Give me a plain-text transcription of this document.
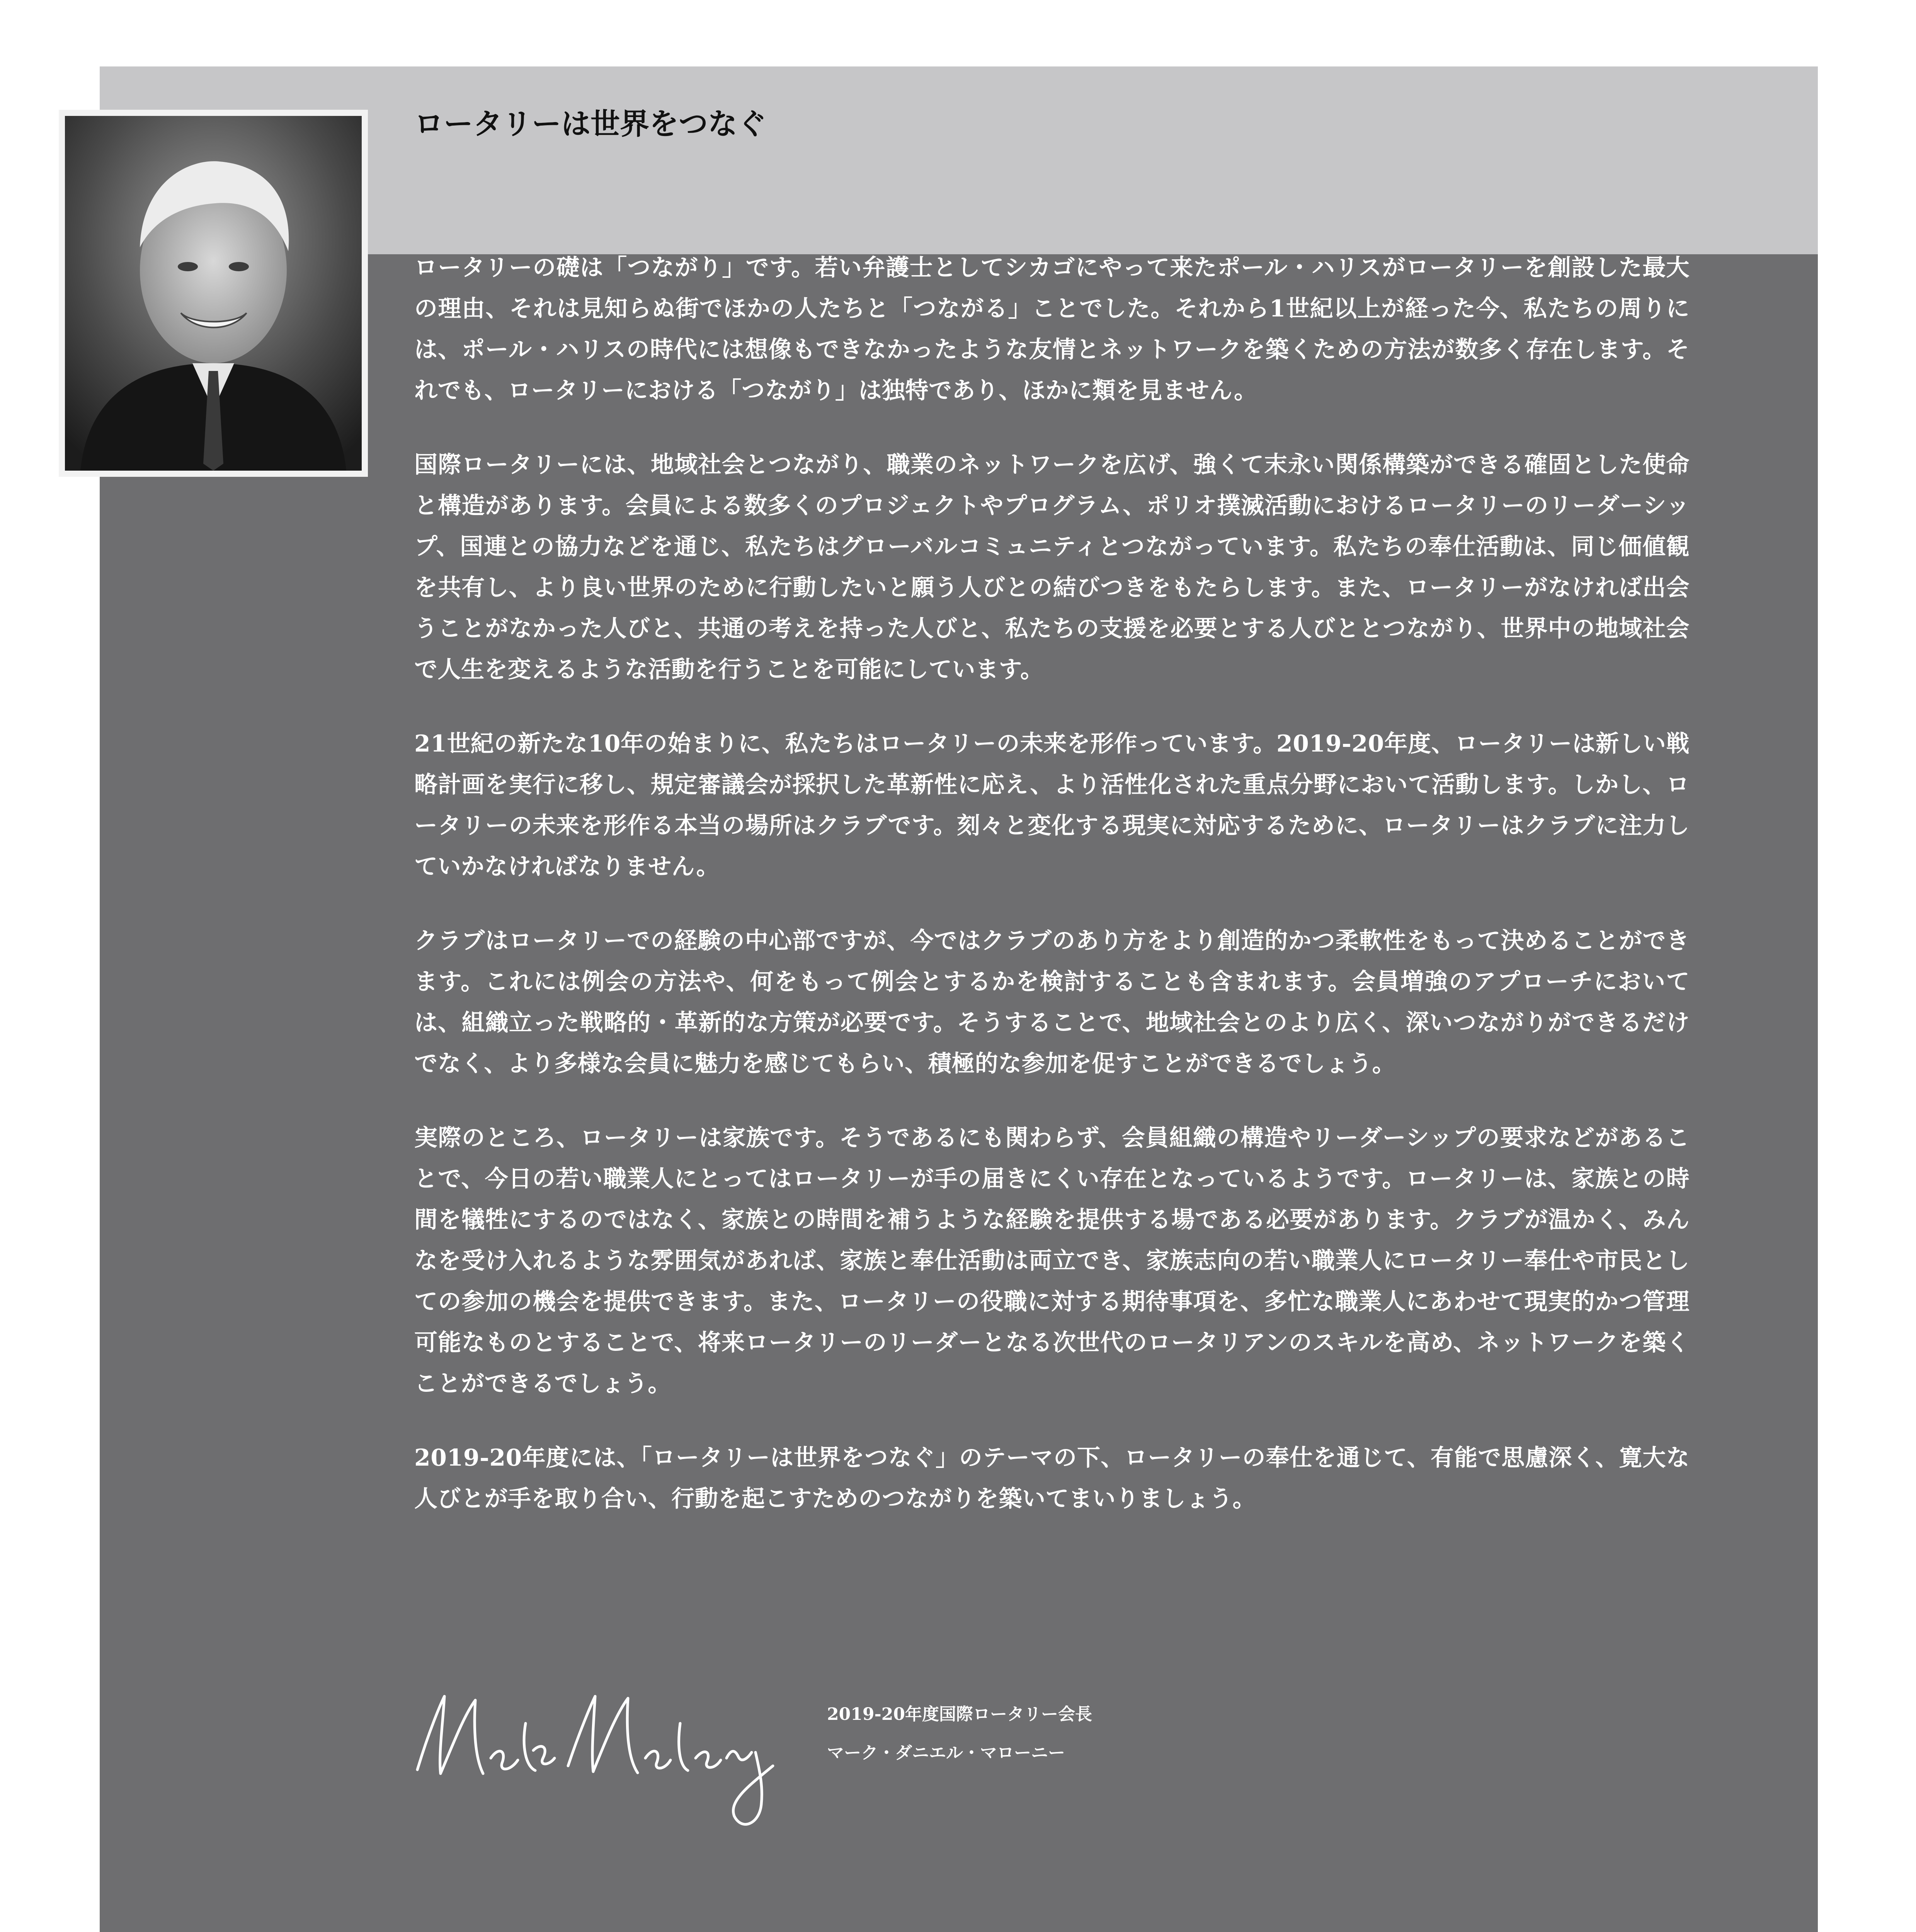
ロータリーは世界をつなぐ

ロータリーの礎は「つながり」です。若い弁護士としてシカゴにやって来たポール・ハリスがロータリーを創設した最大の理由、それは見知らぬ街でほかの人たちと「つながる」ことでした。それから1世紀以上が経った今、私たちの周りには、ポール・ハリスの時代には想像もできなかったような友情とネットワークを築くための方法が数多く存在します。それでも、ロータリーにおける「つながり」は独特であり、ほかに類を見ません。

国際ロータリーには、地域社会とつながり、職業のネットワークを広げ、強くて末永い関係構築ができる確固とした使命と構造があります。会員による数多くのプロジェクトやプログラム、ポリオ撲滅活動におけるロータリーのリーダーシップ、国連との協力などを通じ、私たちはグローバルコミュニティとつながっています。私たちの奉仕活動は、同じ価値観を共有し、より良い世界のために行動したいと願う人びとの結びつきをもたらします。また、ロータリーがなければ出会うことがなかった人びと、共通の考えを持った人びと、私たちの支援を必要とする人びととつながり、世界中の地域社会で人生を変えるような活動を行うことを可能にしています。

21世紀の新たな10年の始まりに、私たちはロータリーの未来を形作っています。2019-20年度、ロータリーは新しい戦略計画を実行に移し、規定審議会が採択した革新性に応え、より活性化された重点分野において活動します。しかし、ロータリーの未来を形作る本当の場所はクラブです。刻々と変化する現実に対応するために、ロータリーはクラブに注力していかなければなりません。

クラブはロータリーでの経験の中心部ですが、今ではクラブのあり方をより創造的かつ柔軟性をもって決めることができます。これには例会の方法や、何をもって例会とするかを検討することも含まれます。会員増強のアプローチにおいては、組織立った戦略的・革新的な方策が必要です。そうすることで、地域社会とのより広く、深いつながりができるだけでなく、より多様な会員に魅力を感じてもらい、積極的な参加を促すことができるでしょう。

実際のところ、ロータリーは家族です。そうであるにも関わらず、会員組織の構造やリーダーシップの要求などがあることで、今日の若い職業人にとってはロータリーが手の届きにくい存在となっているようです。ロータリーは、家族との時間を犠牲にするのではなく、家族との時間を補うような経験を提供する場である必要があります。クラブが温かく、みんなを受け入れるような雰囲気があれば、家族と奉仕活動は両立でき、家族志向の若い職業人にロータリー奉仕や市民としての参加の機会を提供できます。また、ロータリーの役職に対する期待事項を、多忙な職業人にあわせて現実的かつ管理可能なものとすることで、将来ロータリーのリーダーとなる次世代のロータリアンのスキルを高め、ネットワークを築くことができるでしょう。

2019-20年度には、「ロータリーは世界をつなぐ」のテーマの下、ロータリーの奉仕を通じて、有能で思慮深く、寛大な人びとが手を取り合い、行動を起こすためのつながりを築いてまいりましょう。

2019-20年度国際ロータリー会長
マーク・ダニエル・マローニー
